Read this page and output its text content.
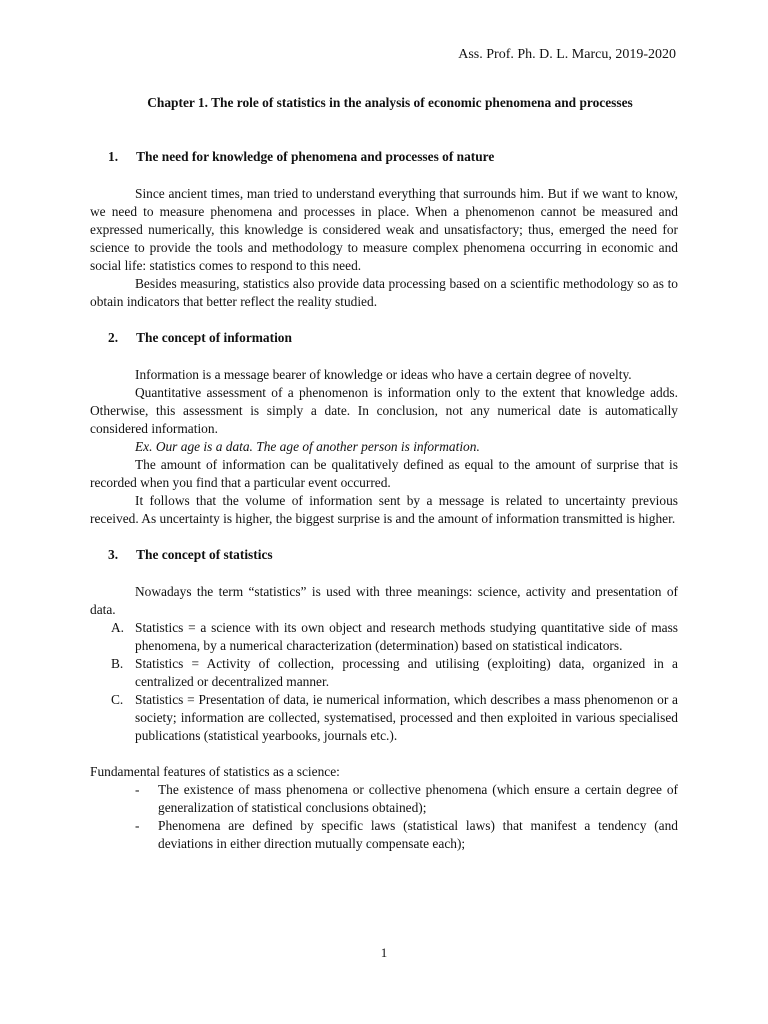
Ass. Prof. Ph. D. L. Marcu, 2019-2020
Chapter 1. The role of statistics in the analysis of economic phenomena and processes
1. The need for knowledge of phenomena and processes of nature

Since ancient times, man tried to understand everything that surrounds him. But if we want to know, we need to measure phenomena and processes in place. When a phenomenon cannot be measured and expressed numerically, this knowledge is considered weak and unsatisfactory; thus, emerged the need for science to provide the tools and methodology to measure complex phenomena occurring in economic and social life: statistics comes to respond to this need.

Besides measuring, statistics also provide data processing based on a scientific methodology so as to obtain indicators that better reflect the reality studied.

2. The concept of information

Information is a message bearer of knowledge or ideas who have a certain degree of novelty.

Quantitative assessment of a phenomenon is information only to the extent that knowledge adds. Otherwise, this assessment is simply a date. In conclusion, not any numerical date is automatically considered information.

Ex. Our age is a data. The age of another person is information.

The amount of information can be qualitatively defined as equal to the amount of surprise that is recorded when you find that a particular event occurred.

It follows that the volume of information sent by a message is related to uncertainty previous received. As uncertainty is higher, the biggest surprise is and the amount of information transmitted is higher.

3. The concept of statistics

Nowadays the term “statistics” is used with three meanings: science, activity and presentation of data.

A. Statistics = a science with its own object and research methods studying quantitative side of mass phenomena, by a numerical characterization (determination) based on statistical indicators.
B. Statistics = Activity of collection, processing and utilising (exploiting) data, organized in a centralized or decentralized manner.
C. Statistics = Presentation of data, ie numerical information, which describes a mass phenomenon or a society; information are collected, systematised, processed and then exploited in various specialised publications (statistical yearbooks, journals etc.).

Fundamental features of statistics as a science:

- The existence of mass phenomena or collective phenomena (which ensure a certain degree of generalization of statistical conclusions obtained);
- Phenomena are defined by specific laws (statistical laws) that manifest a tendency (and deviations in either direction mutually compensate each);
1
